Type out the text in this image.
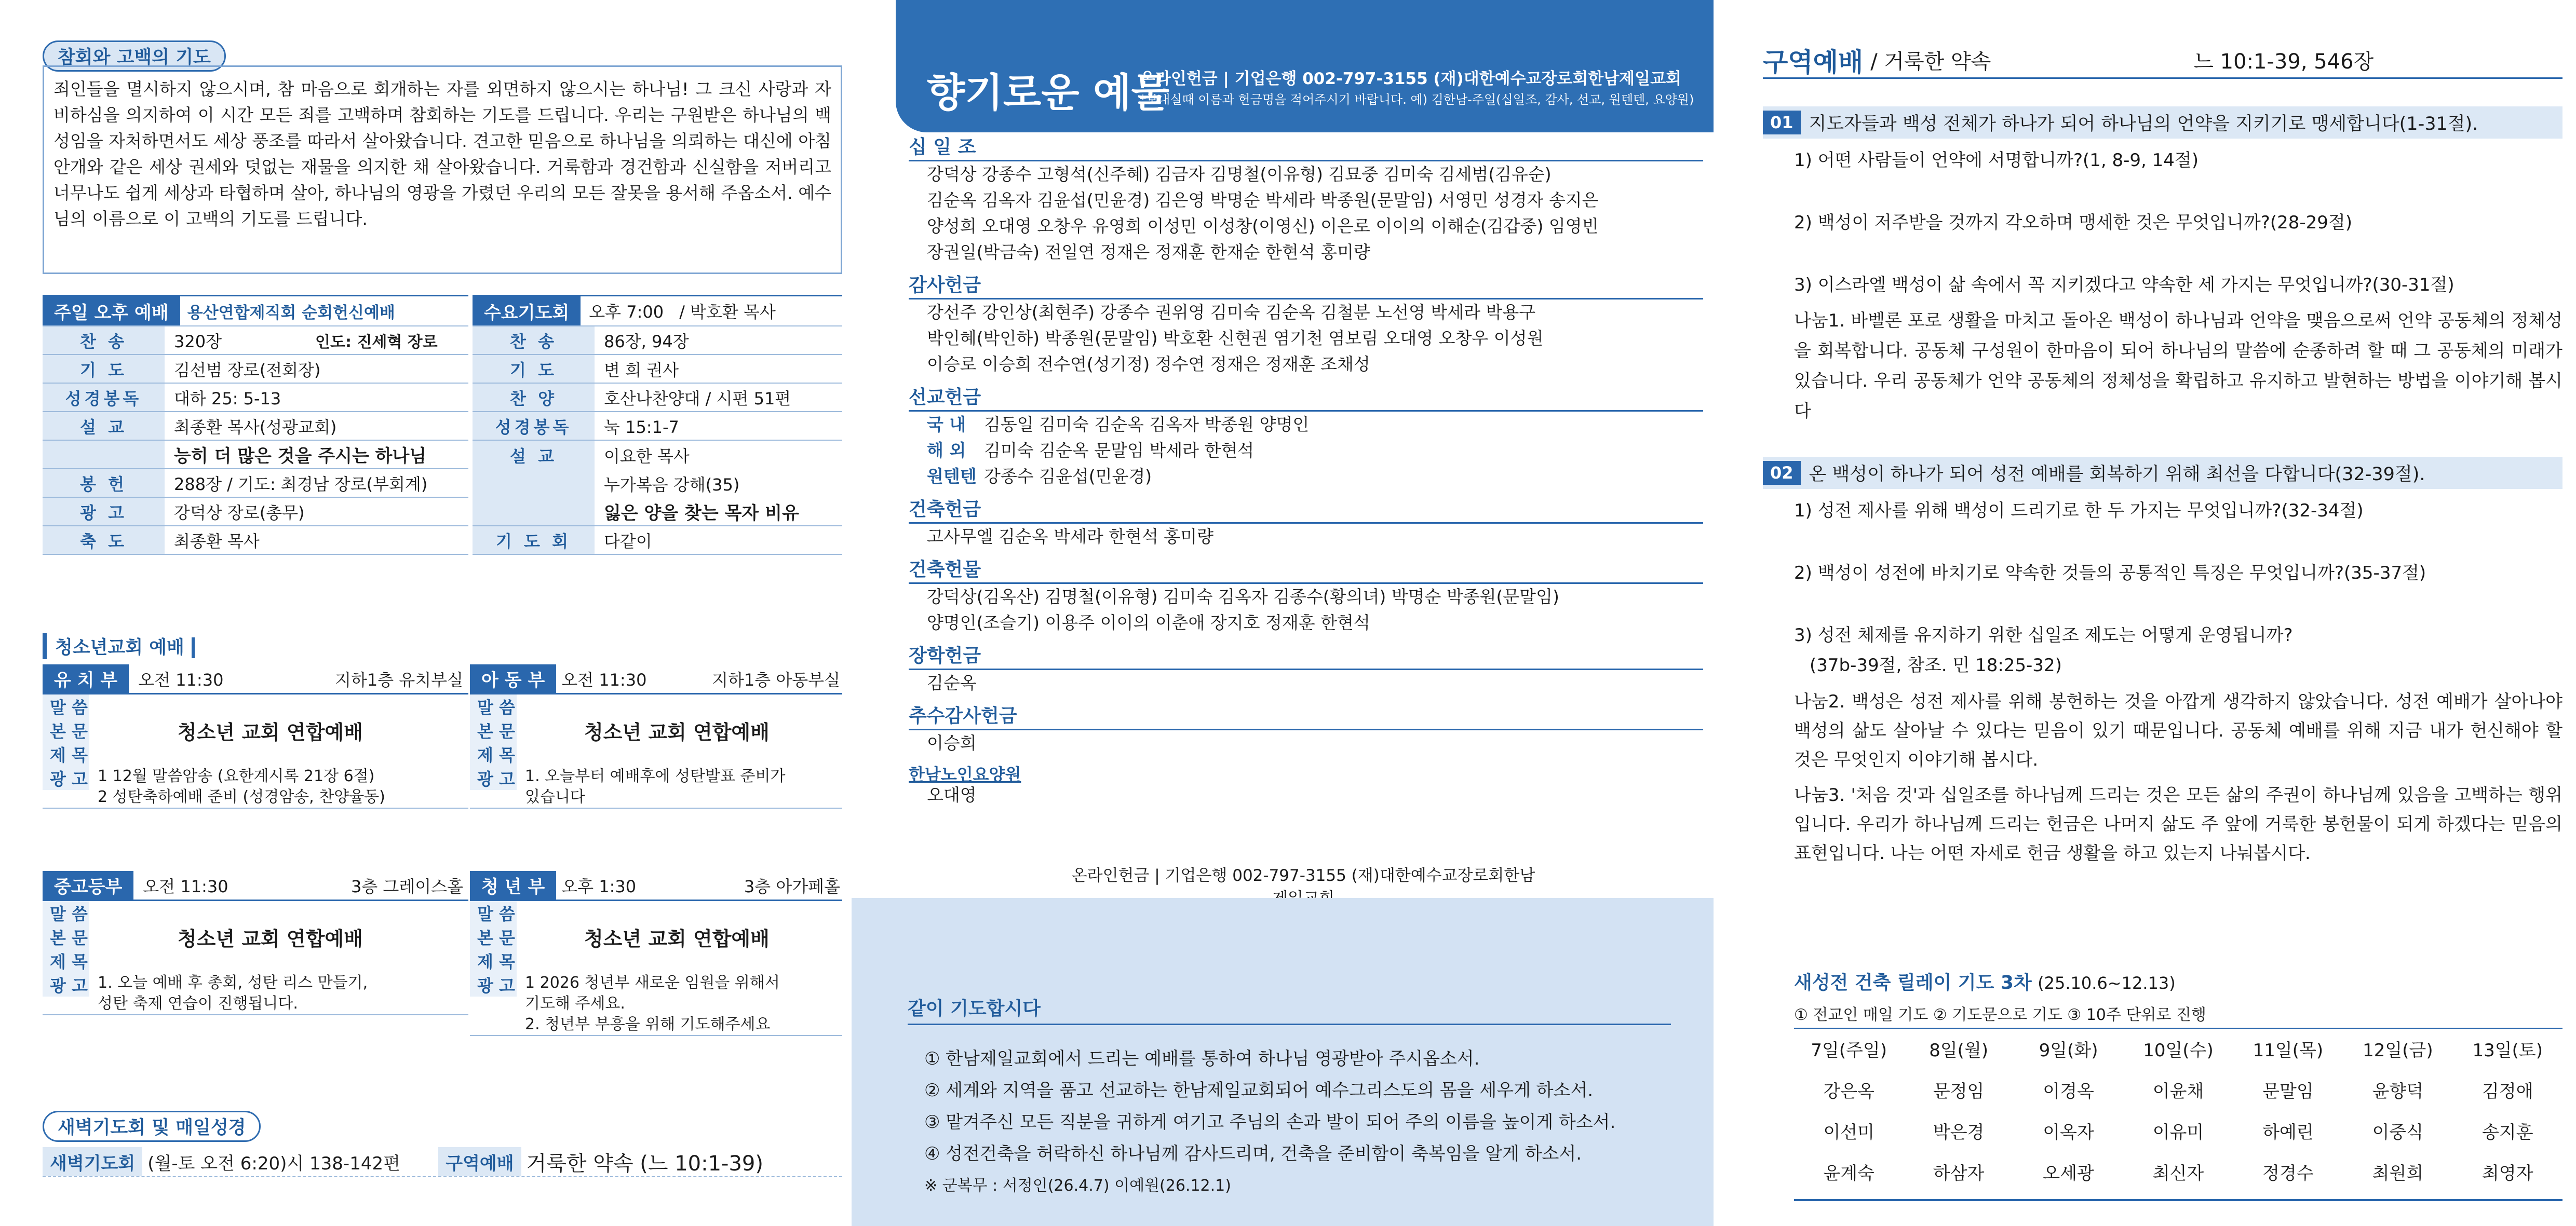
참회와 고백의 기도
죄인들을 멸시하지 않으시며, 참 마음으로 회개하는 자를 외면하지 않으시는 하나님! 그 크신 사랑과 자비하심을 의지하여 이 시간 모든 죄를 고백하며 참회하는 기도를 드립니다. 우리는 구원받은 하나님의 백성임을 자처하면서도 세상 풍조를 따라서 살아왔습니다. 견고한 믿음으로 하나님을 의뢰하는 대신에 아침 안개와 같은 세상 권세와 덧없는 재물을 의지한 채 살아왔습니다. 거룩함과 경건함과 신실함을 저버리고 너무나도 쉽게 세상과 타협하며 살아, 하나님의 영광을 가렸던 우리의 모든 잘못을 용서해 주옵소서. 예수님의 이름으로 이 고백의 기도를 드립니다.
주일 오후 예배	용산연합제직회 순회헌신예배
찬 송	320장	인도: 진세혁 장로
기 도	김선범 장로(전회장)
성경봉독	대하 25: 5-13
설 교	최종환 목사(성광교회)
능히 더 많은 것을 주시는 하나님
봉 헌	288장 / 기도: 최경남 장로(부회계)
광 고	강덕상 장로(총무)
축 도	최종환 목사
수요기도회	오후 7:00 / 박호환 목사
찬 송	86장, 94장
기 도	변 희 권사
찬 양	호산나찬양대 / 시편 51편
성경봉독	눅 15:1-7
설 교	이요한 목사
누가복음 강해(35)
잃은 양을 찾는 목자 비유
기 도 회	다같이
청소년교회 예배
유 치 부	오전 11:30	지하1층 유치부실
말 씀
본 문	청소년 교회 연합예배
제 목
광 고 1 12월 말씀암송 (요한계시록 21장 6절)
2 성탄축하예배 준비 (성경암송, 찬양율동)
아 동 부	오전 11:30	지하1층 아동부실
말 씀
본 문	청소년 교회 연합예배
제 목
광 고 1. 오늘부터 예배후에 성탄발표 준비가
있습니다
중고등부	오전 11:30	3층 그레이스홀
말 씀
본 문	청소년 교회 연합예배
제 목
광 고 1. 오늘 예배 후 총회, 성탄 리스 만들기,
성탄 축제 연습이 진행됩니다.
청 년 부	오후 1:30	3층 아가페홀
말 씀
본 문	청소년 교회 연합예배
제 목
광 고 1 2026 청년부 새로운 임원을 위해서
기도해 주세요.
2. 청년부 부흥을 위해 기도해주세요
새벽기도회 및 매일성경
새벽기도회 (월-토 오전 6:20)시 138-142편	구역예배 거룩한 약속 (느 10:1-39)
향기로운 예물
온라인헌금 | 기업은행 002-797-3155 (재)대한예수교장로회한남제일교회
*보내실때 이름과 헌금명을 적어주시기 바랍니다. 예) 김한남-주일(십일조, 감사, 선교, 원텐텐, 요양원)
십 일 조
강덕상 강종수 고형석(신주혜) 김금자 김명철(이유형) 김묘중 김미숙 김세범(김유순)
김순옥 김옥자 김윤섭(민윤경) 김은영 박명순 박세라 박종원(문말임) 서영민 성경자 송지은
양성희 오대영 오창우 유영희 이성민 이성창(이영신) 이은로 이이의 이해순(김갑중) 임영빈
장권일(박금숙) 전일연 정재은 정재훈 한재순 한현석 홍미량
감사헌금
강선주 강인상(최현주) 강종수 권위영 김미숙 김순옥 김철분 노선영 박세라 박용구
박인혜(박인하) 박종원(문말임) 박호환 신현권 염기천 염보림 오대영 오창우 이성원
이승로 이승희 전수연(성기정) 정수연 정재은 정재훈 조채성
선교헌금
국 내 김동일 김미숙 김순옥 김옥자 박종원 양명인
해 외 김미숙 김순옥 문말임 박세라 한현석
원텐텐 강종수 김윤섭(민윤경)
건축헌금
고사무엘 김순옥 박세라 한현석 홍미량
건축헌물
강덕상(김옥산) 김명철(이유형) 김미숙 김옥자 김종수(황의녀) 박명순 박종원(문말임)
양명인(조슬기) 이용주 이이의 이춘애 장지호 정재훈 한현석
장학헌금
김순옥
추수감사헌금
이승희
한남노인요양원
오대영
온라인헌금 | 기업은행 002-797-3155 (재)대한예수교장로회한남
같이 기도합시다
① 한남제일교회에서 드리는 예배를 통하여 하나님 영광받아 주시옵소서.
② 세계와 지역을 품고 선교하는 한남제일교회되어 예수그리스도의 몸을 세우게 하소서.
③ 맡겨주신 모든 직분을 귀하게 여기고 주님의 손과 발이 되어 주의 이름을 높이게 하소서.
④ 성전건축을 허락하신 하나님께 감사드리며, 건축을 준비함이 축복임을 알게 하소서.
※ 군복무 : 서정인(26.4.7) 이예원(26.12.1)
구역예배 / 거룩한 약속	느 10:1-39, 546장
01 지도자들과 백성 전체가 하나가 되어 하나님의 언약을 지키기로 맹세합니다(1-31절).
1) 어떤 사람들이 언약에 서명합니까?(1, 8-9, 14절)
2) 백성이 저주받을 것까지 각오하며 맹세한 것은 무엇입니까?(28-29절)
3) 이스라엘 백성이 삶 속에서 꼭 지키겠다고 약속한 세 가지는 무엇입니까?(30-31절)
나눔1. 바벨론 포로 생활을 마치고 돌아온 백성이 하나님과 언약을 맺음으로써 언약 공동체의 정체성을 회복합니다. 공동체 구성원이 한마음이 되어 하나님의 말씀에 순종하려 할 때 그 공동체의 미래가 있습니다. 우리 공동체가 언약 공동체의 정체성을 확립하고 유지하고 발현하는 방법을 이야기해 봅시다
02 온 백성이 하나가 되어 성전 예배를 회복하기 위해 최선을 다합니다(32-39절).
1) 성전 제사를 위해 백성이 드리기로 한 두 가지는 무엇입니까?(32-34절)
2) 백성이 성전에 바치기로 약속한 것들의 공통적인 특징은 무엇입니까?(35-37절)
3) 성전 체제를 유지하기 위한 십일조 제도는 어떻게 운영됩니까?
(37b-39절, 참조. 민 18:25-32)
나눔2. 백성은 성전 제사를 위해 봉헌하는 것을 아깝게 생각하지 않았습니다. 성전 예배가 살아나야 백성의 삶도 살아날 수 있다는 믿음이 있기 때문입니다. 공동체 예배를 위해 지금 내가 헌신해야 할 것은 무엇인지 이야기해 봅시다.
나눔3. '처음 것'과 십일조를 하나님께 드리는 것은 모든 삶의 주권이 하나님께 있음을 고백하는 행위입니다. 우리가 하나님께 드리는 헌금은 나머지 삶도 주 앞에 거룩한 봉헌물이 되게 하겠다는 믿음의 표현입니다. 나는 어떤 자세로 헌금 생활을 하고 있는지 나눠봅시다.
새성전 건축 릴레이 기도 3차 (25.10.6~12.13)
① 전교인 매일 기도 ② 기도문으로 기도 ③ 10주 단위로 진행
7일(주일)	8일(월)	9일(화)	10일(수)	11일(목)	12일(금)	13일(토)
강은옥	문정임	이경옥	이윤채	문말임	윤향덕	김정애
이선미	박은경	이옥자	이유미	하예린	이중식	송지훈
윤계숙	하삼자	오세광	최신자	정경수	최원희	최영자
